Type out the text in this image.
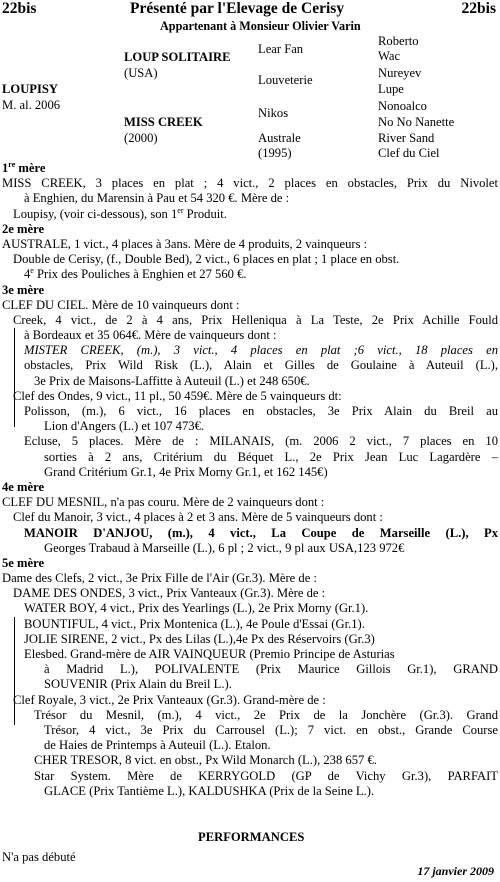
22bis	Présenté par l'Elevage de Cerisy	22bis
Appartenant à Monsieur Olivier Varin
LOUPISY
M. al. 2006
LOUP SOLITAIRE
(USA)
MISS CREEK
(2000)
Lear Fan
Louveterie
Nikos
Australe
(1995)
Roberto
Wac
Nureyev
Lupe
Nonoalco
No No Nanette
River Sand
Clef du Ciel
1re mère
MISS CREEK, 3 places en plat ; 4 vict., 2 places en obstacles, Prix du Nivolet
à Enghien, du Marensin à Pau et 54 320 €. Mère de :
Loupisy, (voir ci-dessous), son 1er Produit.
2e mère
AUSTRALE, 1 vict., 4 places à 3ans. Mère de 4 produits, 2 vainqueurs :
Double de Cerisy, (f., Double Bed), 2 vict., 6 places en plat ; 1 place en obst.
4e Prix des Pouliches à Enghien et 27 560 €.
3e mère
CLEF DU CIEL. Mère de 10 vainqueurs dont :
Creek, 4 vict., de 2 à 4 ans, Prix Helleniqua à La Teste, 2e Prix Achille Fould
à Bordeaux et 35 064€. Mère de vainqueurs dont :
MISTER CREEK, (m.), 3 vict., 4 places en plat ;6 vict., 18 places en
obstacles, Prix Wild Risk (L.), Alain et Gilles de Goulaine à Auteuil (L.),
3e Prix de Maisons-Laffitte à Auteuil (L.) et 248 650€.
Clef des Ondes, 9 vict., 11 pl., 50 459€. Mère de 5 vainqueurs dt:
Polisson, (m.), 6 vict., 16 places en obstacles, 3e Prix Alain du Breil au
Lion d'Angers (L.) et 107 473€.
Ecluse, 5 places. Mère de : MILANAIS, (m. 2006 2 vict., 7 places en 10
sorties à 2 ans, Critérium du Béquet L., 2e Prix Jean Luc Lagardère –
Grand Critérium Gr.1, 4e Prix Morny Gr.1, et 162 145€)
4e mère
CLEF DU MESNIL, n'a pas couru. Mère de 2 vainqueurs dont :
Clef du Manoir, 3 vict., 4 places à 2 et 3 ans. Mère de 5 vainqueurs dont :
MANOIR D'ANJOU, (m.), 4 vict., La Coupe de Marseille (L.), Px
Georges Trabaud à Marseille (L.), 6 pl ; 2 vict., 9 pl aux USA,123 972€
5e mère
Dame des Clefs, 2 vict., 3e Prix Fille de l'Air (Gr.3). Mère de :
DAME DES ONDES, 3 vict., Prix Vanteaux (Gr.3). Mère de :
WATER BOY, 4 vict., Prix des Yearlings (L.), 2e Prix Morny (Gr.1).
BOUNTIFUL, 4 vict., Prix Montenica (L.), 4e Poule d'Essai (Gr.1).
JOLIE SIRENE, 2 vict., Px des Lilas (L.),4e Px des Réservoirs (Gr.3)
Elesbed. Grand-mère de AIR VAINQUEUR (Premio Principe de Asturias
à Madrid L.), POLIVALENTE (Prix Maurice Gillois Gr.1), GRAND
SOUVENIR (Prix Alain du Breil L.).
Clef Royale, 3 vict., 2e Prix Vanteaux (Gr.3). Grand-mère de :
Trésor du Mesnil, (m.), 4 vict., 2e Prix de la Jonchère (Gr.3). Grand
Trésor, 4 vict., 3e Prix du Carrousel (L.); 7 vict. en obst., Grande Course
de Haies de Printemps à Auteuil (L.). Etalon.
CHER TRESOR, 8 vict. en obst., Px Wild Monarch (L.), 238 657 €.
Star System. Mère de KERRYGOLD (GP de Vichy Gr.3), PARFAIT
GLACE (Prix Tantième L.), KALDUSHKA (Prix de la Seine L.).
PERFORMANCES
N'a pas débuté
17 janvier 2009
